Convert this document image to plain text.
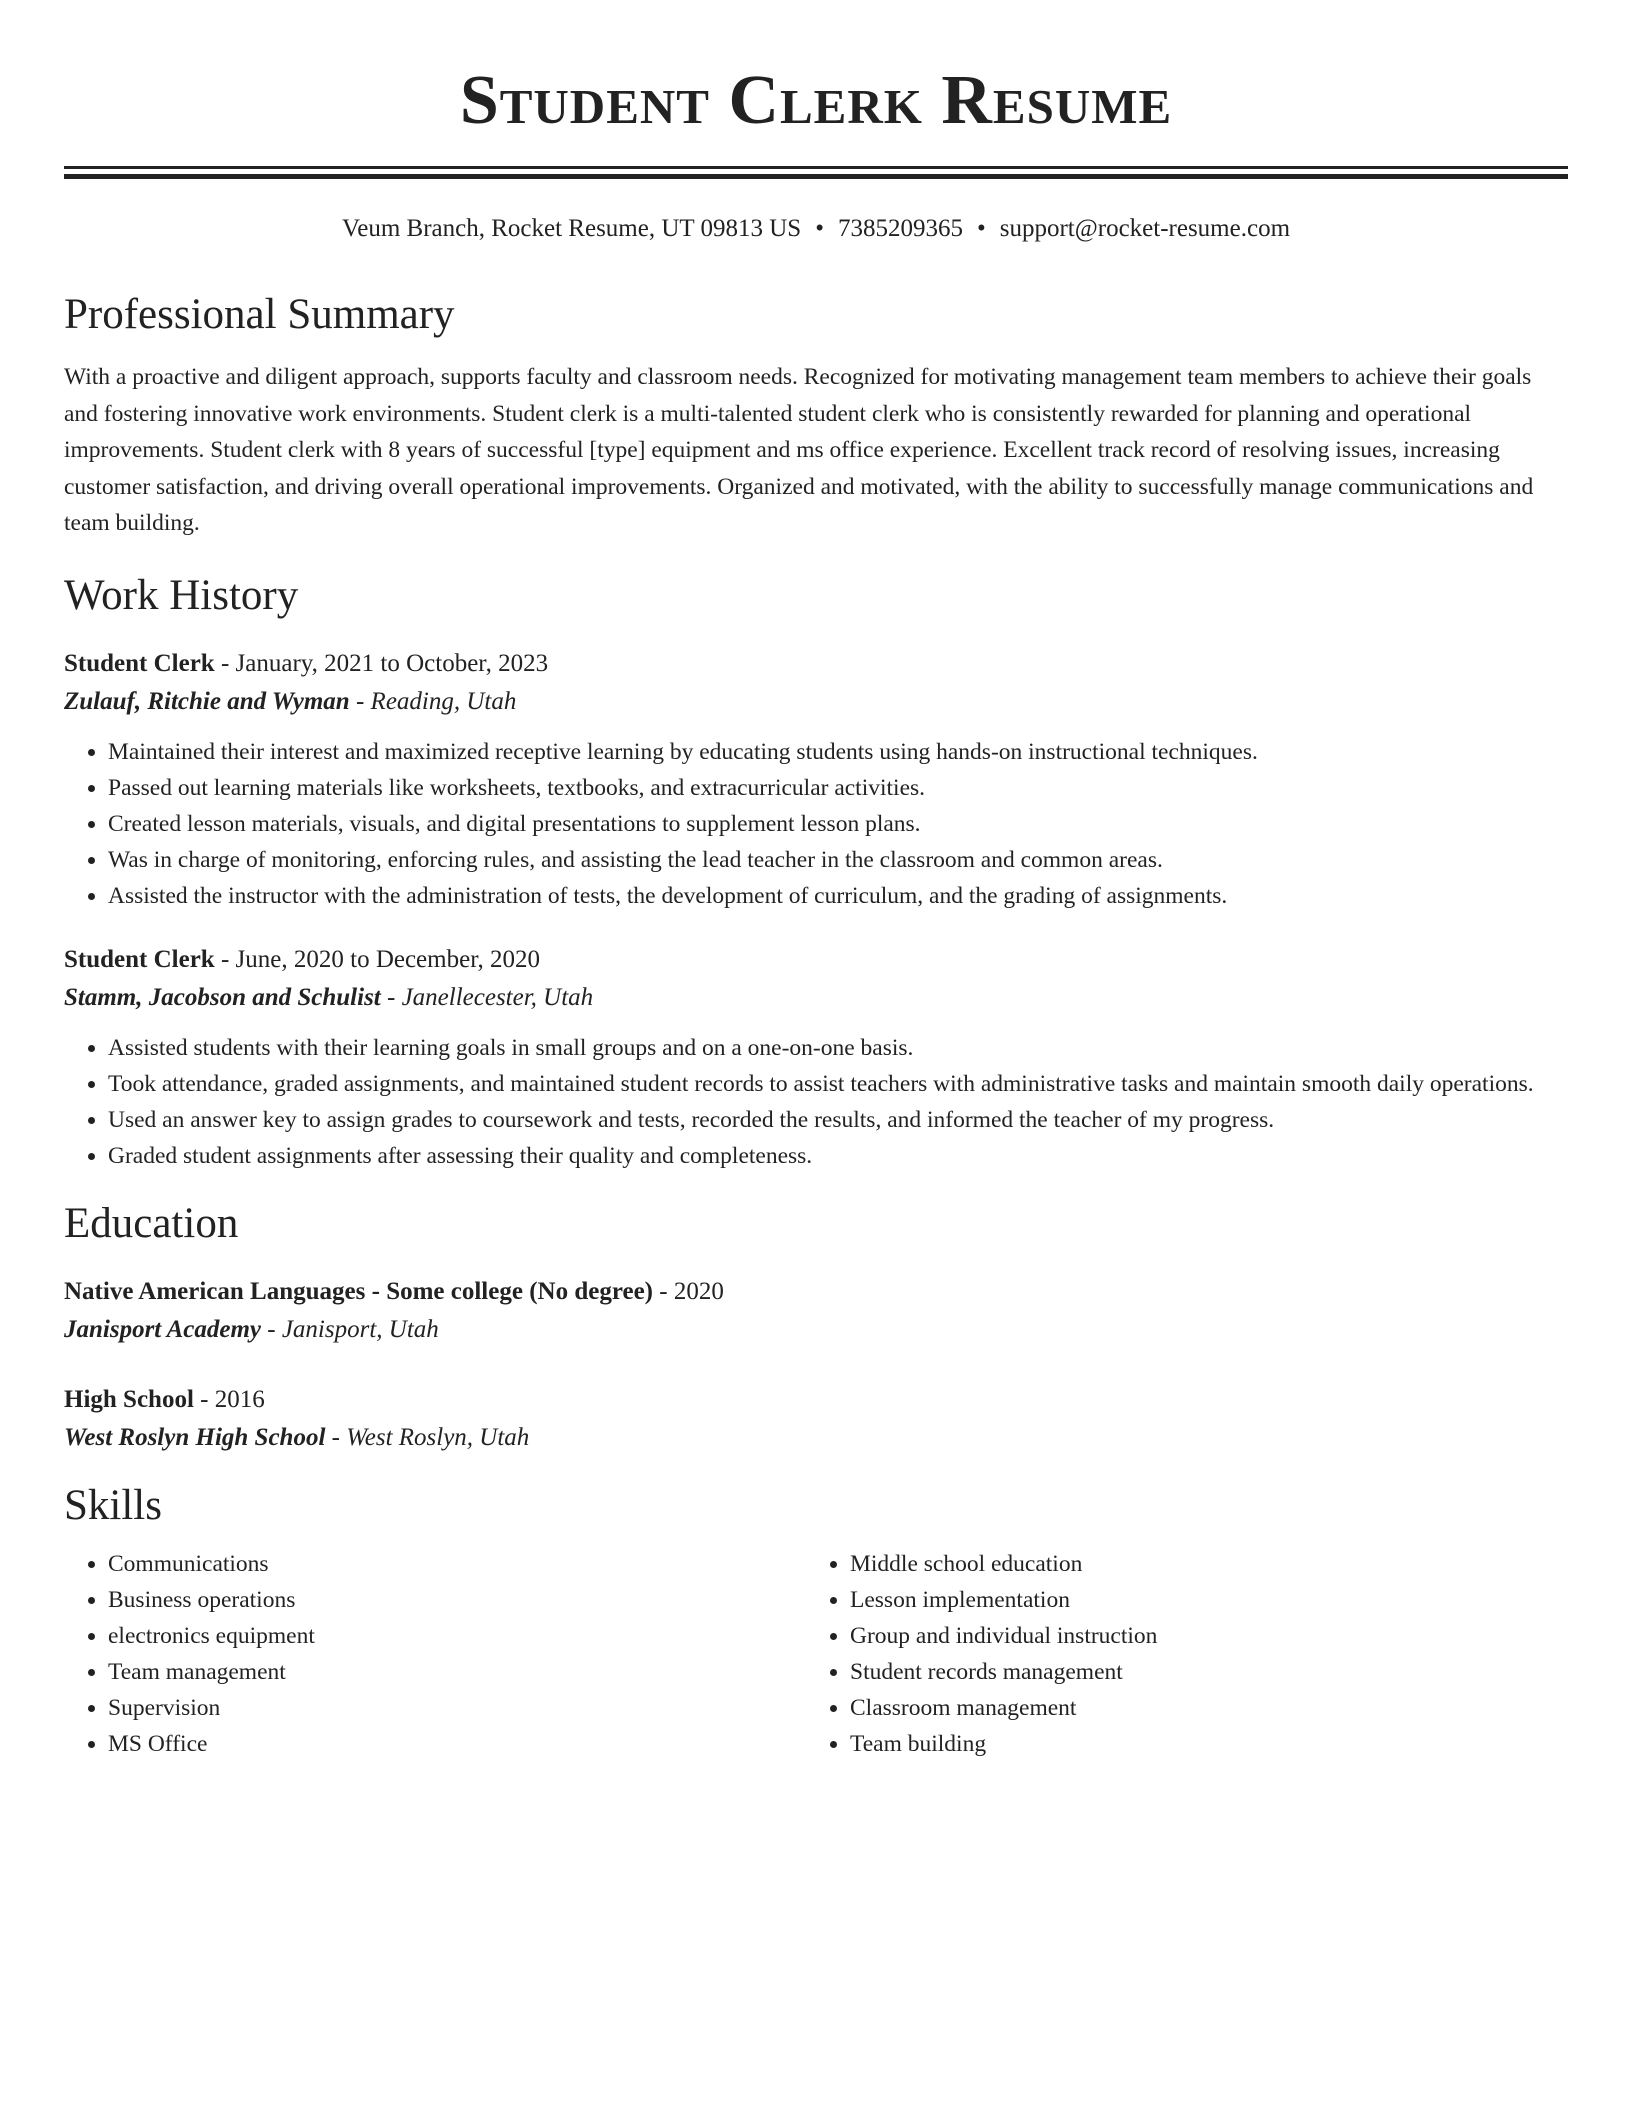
Student Clerk Resume
Veum Branch, Rocket Resume, UT 09813 US • 7385209365 • support@rocket-resume.com
Professional Summary

With a proactive and diligent approach, supports faculty and classroom needs. Recognized for motivating management team members to achieve their goals and fostering innovative work environments. Student clerk is a multi-talented student clerk who is consistently rewarded for planning and operational improvements. Student clerk with 8 years of successful [type] equipment and ms office experience. Excellent track record of resolving issues, increasing customer satisfaction, and driving overall operational improvements. Organized and motivated, with the ability to successfully manage communications and team building.

Work History
Student Clerk - January, 2021 to October, 2023
Zulauf, Ritchie and Wyman - Reading, Utah
• Maintained their interest and maximized receptive learning by educating students using hands-on instructional techniques.
• Passed out learning materials like worksheets, textbooks, and extracurricular activities.
• Created lesson materials, visuals, and digital presentations to supplement lesson plans.
• Was in charge of monitoring, enforcing rules, and assisting the lead teacher in the classroom and common areas.
• Assisted the instructor with the administration of tests, the development of curriculum, and the grading of assignments.
Student Clerk - June, 2020 to December, 2020
Stamm, Jacobson and Schulist - Janellecester, Utah
• Assisted students with their learning goals in small groups and on a one-on-one basis.
• Took attendance, graded assignments, and maintained student records to assist teachers with administrative tasks and maintain smooth daily operations.
• Used an answer key to assign grades to coursework and tests, recorded the results, and informed the teacher of my progress.
• Graded student assignments after assessing their quality and completeness.
Education
Native American Languages - Some college (No degree) - 2020
Janisport Academy - Janisport, Utah
High School - 2016
West Roslyn High School - West Roslyn, Utah
Skills
• Communications
• Business operations
• electronics equipment
• Team management
• Supervision
• MS Office
• Middle school education
• Lesson implementation
• Group and individual instruction
• Student records management
• Classroom management
• Team building
